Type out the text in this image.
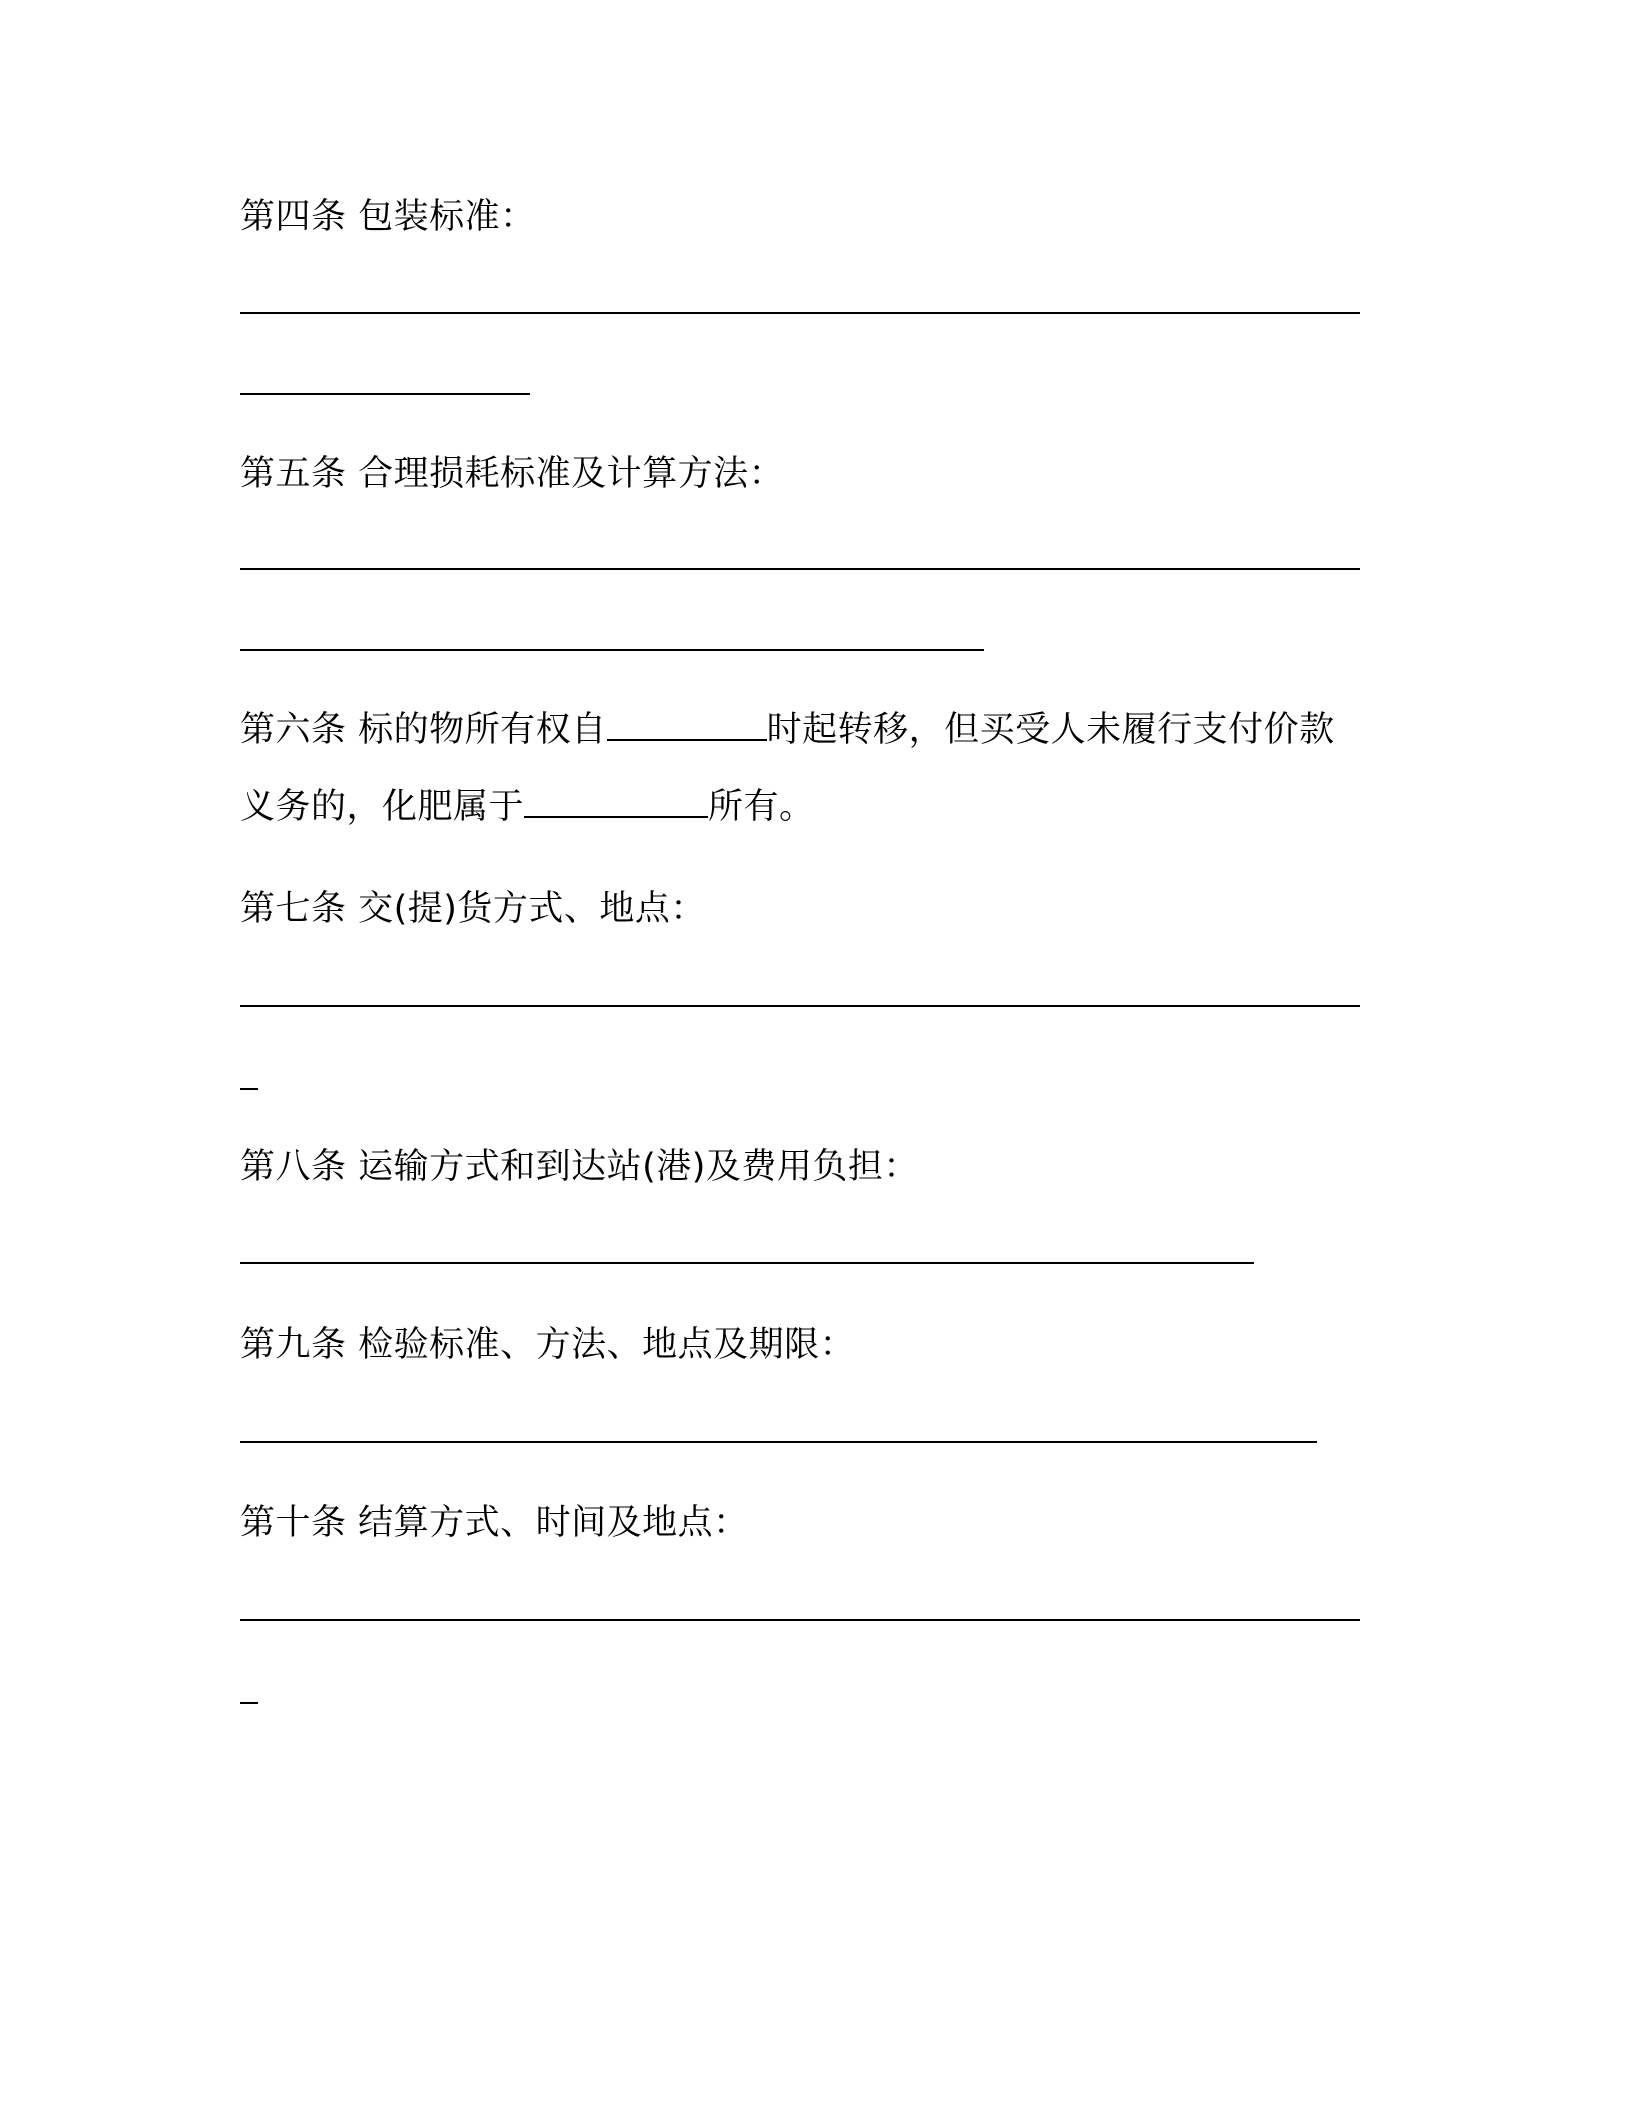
第四条 包装标准：
第五条 合理损耗标准及计算方法：
第六条 标的物所有权自	时起转移，但买受人未履行支付价款
义务的，化肥属于	所有。
第七条 交(提)货方式、地点：
第八条 运输方式和到达站(港)及费用负担：
第九条 检验标准、方法、地点及期限：
第十条 结算方式、时间及地点：
